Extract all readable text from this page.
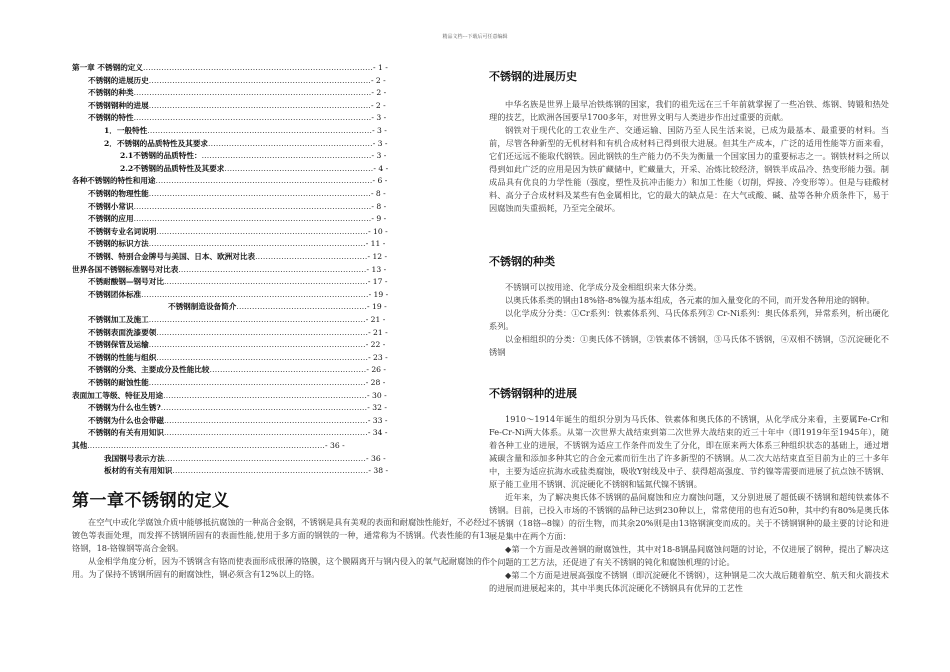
精品文档---下载后可任意编辑
第一章 不锈钢的定义........................................................................................- 1 -
不锈钢的进展历史.....................................................................................- 2 -
不锈钢的种类...........................................................................................- 2 -
不锈钢钢种的进展.....................................................................................- 2 -
不锈钢的特性...........................................................................................- 3 -
1．一般特性......................................................................................- 3 -
2．不锈钢的品质特性及其要求...............................................................- 3 -
2.1不锈钢的品质特性：.................................................................- 3 -
2.2不锈钢的品质特性及其要求.........................................................- 4 -
各种不锈钢的特性和用途...................................................................................- 6 -
不锈钢的物理性能.....................................................................................- 8 -
不锈钢小常识...........................................................................................- 8 -
不锈钢的应用...........................................................................................- 9 -
不锈钢专业名词说明.................................................................................- 10 -
不锈钢的标识方法...................................................................................- 11 -
不锈钢、特别合金牌号与美国、日本、欧洲对比表...........................................- 12 -
世界各国不锈钢标准钢号对比表........................................................................- 13 -
不锈耐酸钢—钢号对比..............................................................................- 17 -
不锈钢团体标准.......................................................................................- 19 -
不锈钢制造设备简介..................................................- 19 -
不锈钢加工及施工...................................................................................- 21 -
不锈钢表面洗漆要领.................................................................................- 21 -
不锈钢保管及运输...................................................................................- 22 -
不锈钢的性能与组织.................................................................................- 23 -
不锈钢的分类、主要成分及性能比较............................................................- 26 -
不锈钢的耐蚀性能...................................................................................- 28 -
表面加工等级、特征及用途..............................................................................- 30 -
不锈钢为什么也生锈?...............................................................................- 32 -
不锈钢为什么也会带磁..............................................................................- 33 -
不锈钢的有关有用知识..............................................................................- 34 -
其他...........................................................................................- 36 -
我国钢号表示方法.............................................................................- 36 -
板材的有关有用知识...........................................................................- 38 -
第一章不锈钢的定义

在空气中或化学腐蚀介质中能够抵抗腐蚀的一种高合金钢，不锈钢是具有美观的表面和耐腐蚀性能好，不必经过镀色等表面处理，而发挥不锈钢所固有的表面性能,使用于多方面的钢铁的一种，通常称为不锈钢。代表性能的有13铬钢，18-铬镍钢等高合金钢。

从金相学角度分析，因为不锈钢含有铬而使表面形成很薄的铬膜，这个膜隔离开与钢内侵入的氧气起耐腐蚀的作用。为了保持不锈钢所固有的耐腐蚀性，钢必须含有12%以上的铬。

不锈钢的进展历史

中华名族是世界上最早冶铁炼钢的国家，我们的祖先远在三千年前就掌握了一些冶铁、炼钢、铸锻和热处理的技艺，比欧洲各国要早1700多年，对世界文明与人类进步作出过重要的贡献。

钢铁对于现代化的工农业生产、交通运输、国防乃至人民生活来说，已成为最基本、最重要的材料。当前，尽管各种新型的无机材料和有机合成材料已得到很大进展。但其生产成本，广泛的适用性能等方面来看，它们还远远不能取代钢铁。因此钢铁的生产能力仍不失为衡量一个国家国力的重要标志之一。钢铁材料之所以得到如此广泛的应用是因为铁矿藏储中，贮藏量大，开采、冶炼比较经济，钢铁半成品冷、热变形能力强。制成品具有优良的力学性能（强度，塑性及抗冲击能力）和加工性能（切削，焊接、冷变形等）。但是与硅酸材料、高分子合成材料及某些有色金属相比，它的最大的缺点是：在大气或酸、碱、盐等各种介质条件下，易于因腐蚀而失重损耗，乃至完全破坏。

不锈钢的种类

不锈钢可以按用途、化学成分及金相组织来大体分类。

以奥氏体系类的钢由18%铬-8%镍为基本组成，各元素的加入量变化的不同，而开发各种用途的钢种。

以化学成分分类：①Cr系列：铁素体系列、马氏体系列② Cr-Ni系列：奥氏体系列，异常系列，析出硬化系列。

以金相组织的分类：①奥氏体不锈钢，②铁素体不锈钢，③马氏体不锈钢，④双相不锈钢，⑤沉淀硬化不锈钢

不锈钢钢种的进展

1910～1914年诞生的组织分别为马氏体、铁素体和奥氏体的不锈钢，从化学成分来看，主要属Fe-Cr和 Fe-Cr-Ni两大体系。从第一次世界大战结束到第二次世界大战结束的近三十年中（即1919年至1945年），随着各种工业的进展，不锈钢为适应工作条件而发生了分化，即在原来两大体系三种组织状态的基础上，通过增减碳含量和添加多种其它的合金元素而衍生出了许多新型的不锈钢。从二次大站结束直至目前为止的三十多年中，主要为适应抗海水或盐类腐蚀，吸收Y射线及中子、获得超高强度、节约镍等需要而进展了抗点蚀不锈钢、原子能工业用不锈钢、沉淀硬化不锈钢和锰氮代镍不锈钢。

近年来，为了解决奥氏体不锈钢的晶间腐蚀和应力腐蚀问题，又分别进展了超低碳不锈钢和超纯铁素体不锈钢。目前，已投入市场的不锈钢的品种已达到230种以上，常常使用的也有近50种，其中约有80%是奥氏体不锈钢（18铬--8镍）的衍生物，而其余20%则是由13铬钢演变而成的。关于不锈钢钢种的最主要的讨论和进展是集中在两个方面：

◆第一个方面是改善钢的耐腐蚀性，其中对18-8钢晶间腐蚀问题的讨论，不仅进展了钢种，提出了解决这个问题的工艺方法，还促进了有关不锈钢的钝化和腐蚀机理的讨论。

◆第二个方面是进展高强度不锈钢（即沉淀硬化不锈钢），这种钢是二次大战后随着航空、航天和火箭技术的进展而进展起来的，其中半奥氏体沉淀硬化不锈钢具有优异的工艺性
